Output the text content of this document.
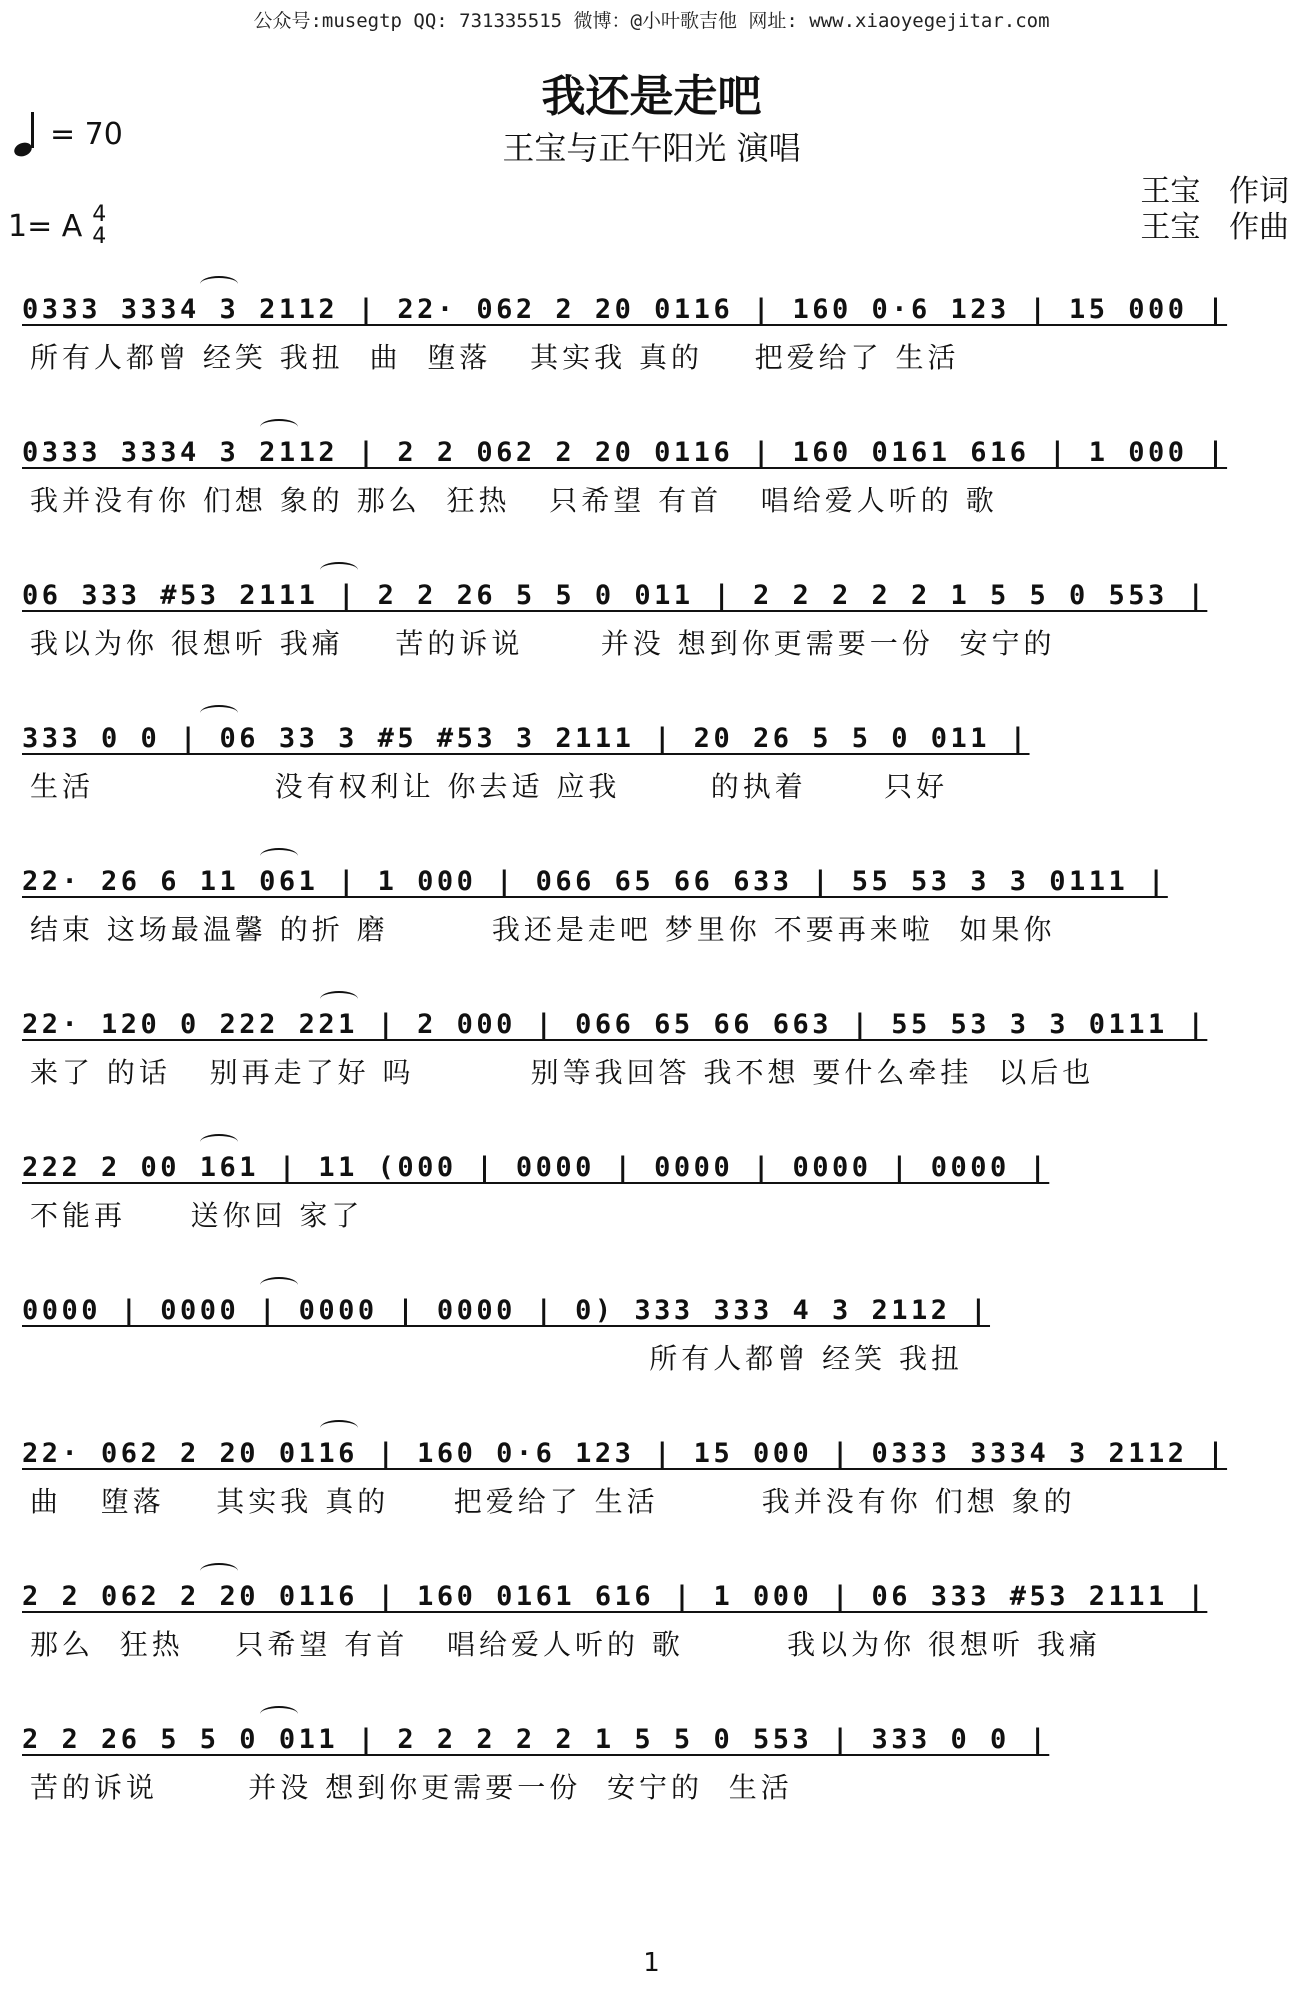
公众号:musegtp QQ: 731335515 微博：@小叶歌吉他 网址: www.xiaoyegejitar.com
我还是走吧
王宝与正午阳光 演唱
= 70
1= A 4
4
王宝   作词
王宝   作曲
0333 3334 3 2112 | 22· 062 2 20 0116 | 160 0·6 123 | 15 000 |
所有人都曾 经笑 我扭  曲  堕落   其实我 真的    把爱给了 生活
0333 3334 3 2112 | 2 2 062 2 20 0116 | 160 0161 616 | 1 000 |
我并没有你 们想 象的 那么  狂热   只希望 有首   唱给爱人听的 歌
06 333 #53 2111 | 2 2 26 5 5 0 011 | 2 2 2 2 2 1 5 5 0 553 |
我以为你 很想听 我痛    苦的诉说      并没 想到你更需要一份  安宁的
333 0 0 | 06 33 3 #5 #53 3 2111 | 20 26 5 5 0 011 |
生活              没有权利让 你去适 应我       的执着      只好
22· 26 6 11 061 | 1 000 | 066 65 66 633 | 55 53 3 3 0111 |
结束 这场最温馨 的折 磨        我还是走吧 梦里你 不要再来啦  如果你
22· 120 0 222 221 | 2 000 | 066 65 66 663 | 55 53 3 3 0111 |
来了 的话   别再走了好 吗         别等我回答 我不想 要什么牵挂  以后也
222 2 00 161 | 11 (000 | 0000 | 0000 | 0000 | 0000 |
不能再     送你回 家了
0000 | 0000 | 0000 | 0000 | 0) 333 333 4 3 2112 |
所有人都曾 经笑 我扭
22· 062 2 20 0116 | 160 0·6 123 | 15 000 | 0333 3334 3 2112 |
曲   堕落    其实我 真的     把爱给了 生活        我并没有你 们想 象的
2 2 062 2 20 0116 | 160 0161 616 | 1 000 | 06 333 #53 2111 |
那么  狂热    只希望 有首   唱给爱人听的 歌        我以为你 很想听 我痛
2 2 26 5 5 0 011 | 2 2 2 2 2 1 5 5 0 553 | 333 0 0 |
苦的诉说       并没 想到你更需要一份  安宁的  生活
1
